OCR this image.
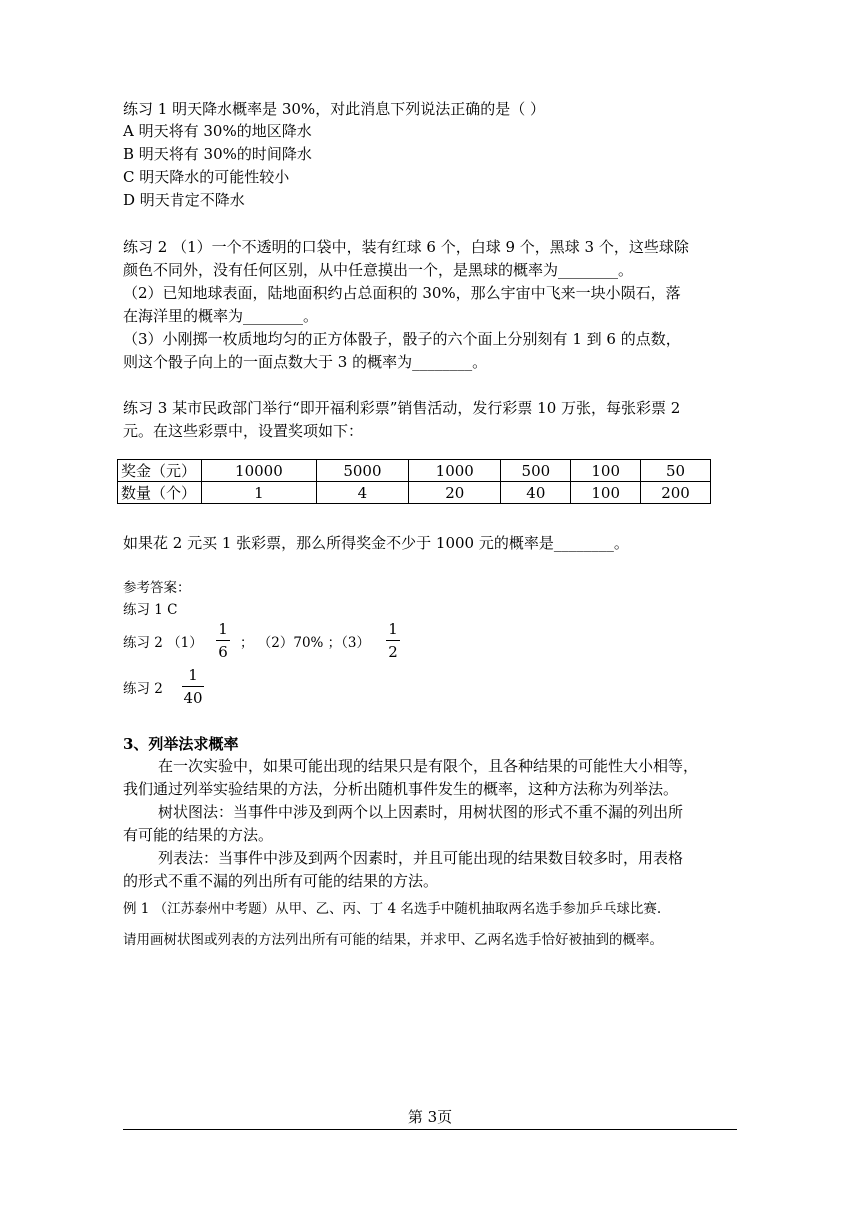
练习 1 明天降水概率是 30%，对此消息下列说法正确的是（ ）
A 明天将有 30%的地区降水
B 明天将有 30%的时间降水
C 明天降水的可能性较小
D 明天肯定不降水
练习 2 （1）一个不透明的口袋中，装有红球 6 个，白球 9 个，黑球 3 个，这些球除
颜色不同外，没有任何区别，从中任意摸出一个，是黑球的概率为________。
（2）已知地球表面，陆地面积约占总面积的 30%，那么宇宙中飞来一块小陨石，落
在海洋里的概率为________。
（3）小刚掷一枚质地均匀的正方体骰子，骰子的六个面上分别刻有 1 到 6 的点数，
则这个骰子向上的一面点数大于 3 的概率为________。
练习 3 某市民政部门举行“即开福利彩票”销售活动，发行彩票 10 万张，每张彩票 2
元。在这些彩票中，设置奖项如下：
奖金（元）	10000	5000	1000	500	100	50
数量（个）	1	4	20	40	100	200
如果花 2 元买 1 张彩票，那么所得奖金不少于 1000 元的概率是________。
参考答案：
练习 1 C
练习 2 （1）
1
6 ； （2）70% ；（3）
1
2
练习 2
1
40
3、列举法求概率
在一次实验中，如果可能出现的结果只是有限个，且各种结果的可能性大小相等，
我们通过列举实验结果的方法，分析出随机事件发生的概率，这种方法称为列举法。
树状图法：当事件中涉及到两个以上因素时，用树状图的形式不重不漏的列出所
有可能的结果的方法。
列表法：当事件中涉及到两个因素时，并且可能出现的结果数目较多时，用表格
的形式不重不漏的列出所有可能的结果的方法。
例 1 （江苏泰州中考题）从甲、乙、丙、丁 4 名选手中随机抽取两名选手参加乒乓球比赛.
请用画树状图或列表的方法列出所有可能的结果，并求甲、乙两名选手恰好被抽到的概率。
第 3页
